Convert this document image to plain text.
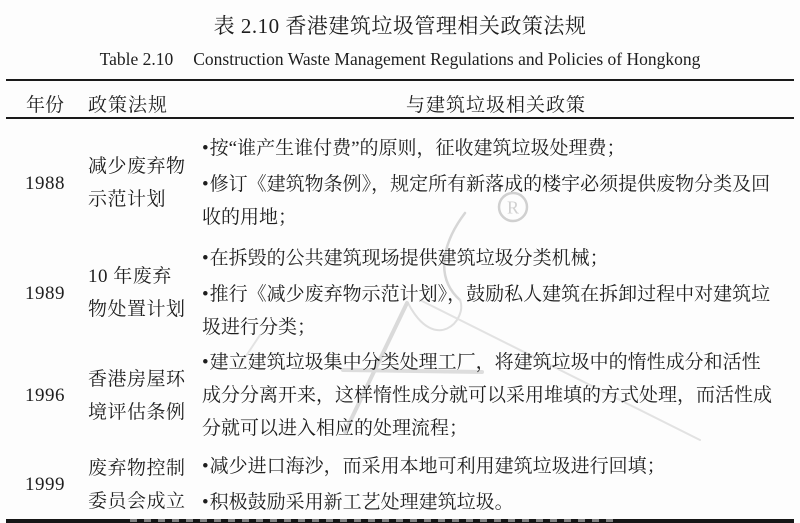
表 2.10 香港建筑垃圾管理相关政策法规
Table 2.10 Construction Waste Management Regulations and Policies of Hongkong
年份	政策法规	与建筑垃圾相关政策
1988
减少废弃物
示范计划

• 按“谁产生谁付费”的原则，征收建筑垃圾处理费；

• 修订《建筑物条例》，规定所有新落成的楼宇必须提供废物分类及回收的用地；

1989
10 年废弃
物处置计划

• 在拆毁的公共建筑现场提供建筑垃圾分类机械；

• 推行《减少废弃物示范计划》，鼓励私人建筑在拆卸过程中对建筑垃圾进行分类；

1996
香港房屋环
境评估条例

• 建立建筑垃圾集中分类处理工厂，将建筑垃圾中的惰性成分和活性成分分离开来，这样惰性成分就可以采用堆填的方式处理，而活性成分就可以进入相应的处理流程；

1999
废弃物控制
委员会成立

• 减少进口海沙，而采用本地可利用建筑垃圾进行回填；

• 积极鼓励采用新工艺处理建筑垃圾。

R
